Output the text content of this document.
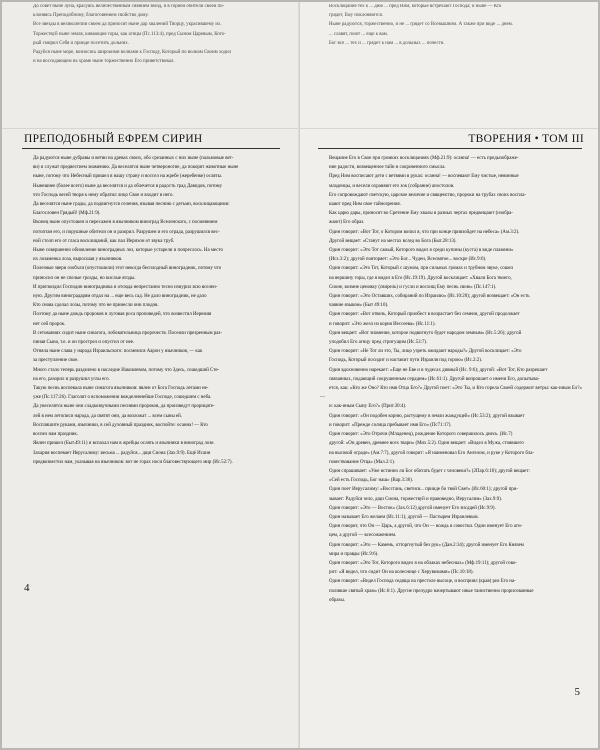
До совет ныне луна, красуясь величественным сиянием звезд, и в горней обители своей по-

клоняясь Преподобному, благоговением свойство дому.

Все звезды в великолепии своем да приносят ныне дар хвалений Творцу, украсившему их.

Торжествуй ныне земля, кивающие горы, как агнцы (Пс.113:4), пред Сыном Царевым, Кото-

рый смирил Себя и прииде посетить дольних.

Радуйся ныне море, возносясь широкими волнами к Господу, Который по волнам Своим ходил

и на восседающем на храме ныне торжественно Его приветствовал.

ПРЕПОДОБНЫЙ ЕФРЕМ СИРИН

Да радуются ныне дубравы и ветви на древах своих, обо срезанных с них ныне (пальмовые вет-

ви) и служат предвестием знамению. Да веселятся ныне четвероногие, да покорят животные ныне

ныне, потому что Небесный пришел в нашу страну и воссел на жребе (жеребенке) осляты.

Нынешнее (более всего) ныне да веселятся и да облечется в радость град Давидов, потому

что Господь весей творя к нему обратил лицо Свое и входит в него.

Да веселятся ныне грады, да подвигнутся селения, взывая песнию с детьми, восклицающими:

Благословен Грядый! (Мф.21:9).

Вконец ныне опустошен и пересажен в язычником виноград Вселенского, с посмеянием

потоптан его, и порушные обители он и разорил. Разрушен и его ограда, разрушился вес-

ной столп его от гласа восклицаний, как пал Иерихон от звука труб.

Ныне совершенно обновление виноградных лоз, которые устарели и попреслось. На место

их лозаменка лоза, выросшая у язычников.

Полезные звери озобхли (опустошили) этот некогда бесплодный виноградник, потому что

приносил он не спелые грозды, но кислые ягоды.

И пригвоздил Господин виноградника и отсюда непрестанно тесно изнурил всю вселен-

ную. Другим виноградарям отдал на ... еще весь сад. Не дало виноградник, не дало

Кто снова сделал лозы, потому что не принесли они плодов.

Поэтому да ныне дождь пророков и луговая роса проповедей, что возвестил Иеремия

нет сей пророк.

В сетованиях сидит ныне синагога, лобовательница пророчеств. Посеяли презренным раз-

пиная Сына, т.е. и он прострел и опустил от нее.

Отняла ныне слава у народа Израильского: посмеялся Аарон у язычников, — как

за преступление свое.

Много стало теперь разделено в наследие Иаковлевом, потому что Здесь, сошедший Сте-

на его, разорил и разрушил углы его.

Такую песнь воспевала ныне синагога язычников: явлен от Бога Господь летами не-

уже (Пс.117:26). Глаголят о вспоможении вожделеннейше Господе, сошедшем с неба.

Да увеселятся ныне они сладкозвучными песнями пророков, да произведут прорицате-

лей в нем летописи народа, да святят они, да возложат ... всем сыны ей.

Воспляшите руками, язычники, в сей духовный праздник, воспойте: осанна! — Кто

воспел нам праздник.

Явлен пришел (Быт.49:11) и вспахал нам в жребцы ослять и язычники в виноград лозе.

Захария воспевает Иерусалиму: весьма ... радуйся... дщи Сиона (Зах.9:9). Ещё Исаии

предвозвестил нам, указывая на язычников: вот не горах носи благовествующего мир (Ис.52:7).

4

Восклицание тех к ... дню ... пред Ним, которые встречают Господа; и ныне — Кто

грядет, Ему поклоняются.

Ныне радуются, торжественно, и не ... грядет со Всевышним. А также при виде ... днем.

... славят, поют ... еще к вам.

Бог все ... тех и ... грядет к нам ... в дольных ... почести.

ТВОРЕНИЯ • ТОМ III

Вещание Его в Свое при громких восклицаниях (Мф.21:9): осанна! — есть предызображе-

ние радости, возвещенное тайн и сокровенного смысла.

Пред Ним восписают дети с ветвями в руках: осанна! — воспевают Ему чистые, невинные

младенцы, и весели охраняют его зок (собрание) апостолов.

Его сопровождают светскую, царское величие и священство, пророки на трубах своих воспла-

шают пред Ним свое тайнозрения.

Как царю дары, приносят во Сретение Ему хвалы в разных чертах предвещают (изобра-

жают) Его образ.

Один говорит: «Вот Тот, о Котором вопил я, что при конце привзойдет на небеса» (Ам.3:2).

Другой вещает: «Станут на местах вслед во Бога (Быт.28:13).

Один говорит: «Это Тот самый, Которого видел я среди купины (куста) в виде пламени»

(Исх.3:2); другой повторяет: «Это Бог... Чудеи, Всесвятое... воскре (Ис.9:6).

Одни говорят: «Это Тот, Который с шумом, при сильных громах и трубном звуке, сошел

на вершину горы, где я видел в Его (Ис.19:19). Другой восклицает: «Хвали Бога твоего,

Сионе, возмне ценовку (свирель) и гусли и восхищ Ему песнь свою» (Пс.147:1).

Один говорит: «Это Оставших, собираний по Израилю» (Ис.10:20); другой возвещает: «Он есть

чаяние языком» (Быт 49:10).

Один говорит: «Вот отвель, Который приобест в возрастает без семени, другой продолжает

и говорит: «Это жезл из корня Иессеева» (Ис.11:1).

Один вещает: «Вот знамение, которое подвигнуто будет народом земным» (Ис.5:26); другой

уподобил Его агнцу пред стригущим (Ис.53:7).

Один говорит: «Не Тот ли это, Ты, лицо узреть ожидают народы?» Другой восклицает: «Это

Господь, Который посидит и наставит пути Израиля под горою» (Ис.2:2).

Один вдохновенно нарекает: «Еще не Еве и в чудесах дивный (Ис. 9:6); другой: «Вот Тот, Кто разрешает

связанных, подающий сокрушенным сердцем» (Ис.61:1). Другой вопрошает о имени Его, допытыва-

ется, как: «Кто же Оно? Кто имя Отца Его?» Другой поет: «Это Ты, и Кто горела Своей содержит ветры: как-иным Ел?» —

и: как-иным Сыну Его?» (Прит.30:4).

Один говорит: «Он подобен корню, растущему в земли жаждущей» (Ис.53:2); другой взывает

и говорит: «Прежде солнца пребывает имя Его» (Пс71:17).

Один говорит: «Это Отрочи (Младенец), рождение Которого совершилось днесь. (Ис.7)

другой: «Он древен, древнее всех твари» (Мих.5:2). Один вещает: «Видел я Мужа, стоявшего

на высокой ограде» (Ам.7:7), другой говорит: «Я наименовал Его Ангелом, и руке у Которого бла-

говествование Отца» (Мал.2:1).

Один спрашивает: «Уже истинно ли Бог обитать будет с человеки?» (2Пар.6:18); другой вещает:

«Сей есть Господь, Бог наш» (Вар.3:36).

Один поет Иерусалиму: «Восстань, светися... прииде бо твой Свет» (Ис.60:1); другой при-

зывает: Радуйся зело, дщи Сиона, торжествуй и правоведно, Иерусалим» (Зах.9:9).

Один говорит: «Это — Восток» (Зах.6:12) другой именует Его зисдцей (Ис.9:9).

Один называет Его желаем (Ис.11:1); другой — Пастырем Израилевым.

Один говорит, что Он — Царь, а другой, что Он — вождь в совестки. Один именует Его агн-

цем, а другой — всесожжением.

Один говорит: «Это — Камень, отторгнутый без рук» (Дан.2:34); другой именует Его Князем

мира и правды (Ис.9:6).

Один говорит: «Это Тот, Которого видел я на облаках небесных» (Мф.19:11); другой гово-

рит: «Я видел, что сидит Он на колеснице с Херувимами» (Пс.10:18).

Один говорит: «Видел Господа седяща на престоле высоце, и восприял (края) риз Его на-

полняше святый храм» (Ис.6:1). Другие прелудро начертывают иные таинственно прорисованные

образы.

5
